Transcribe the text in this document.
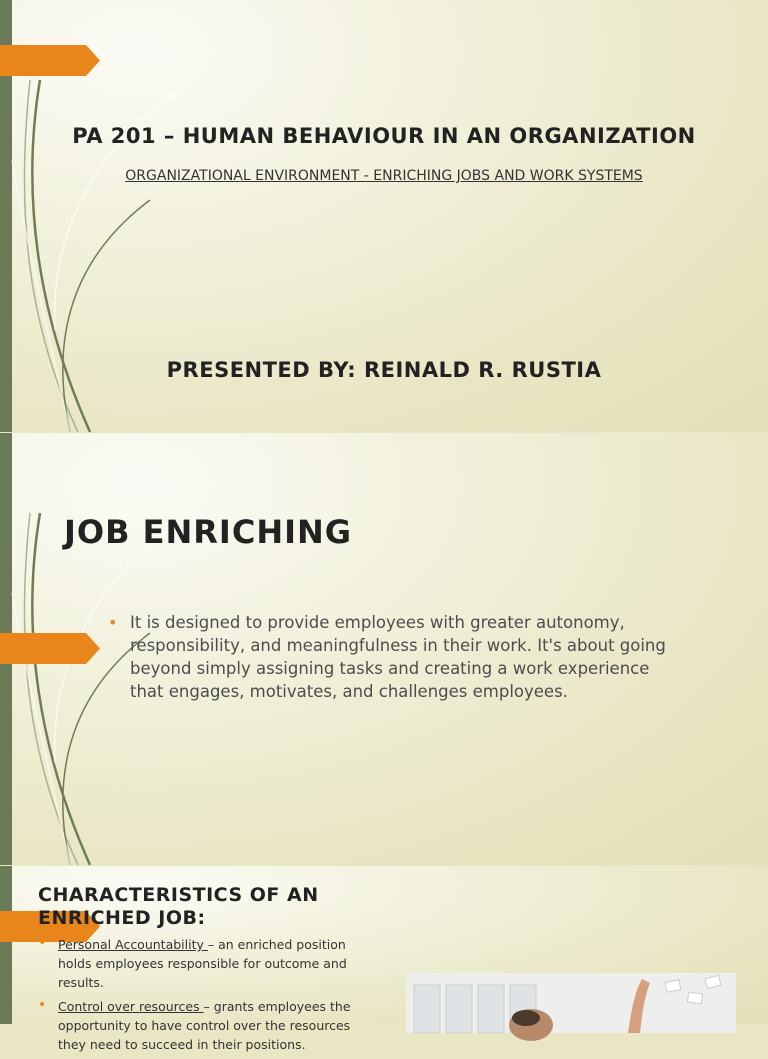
PA 201 – HUMAN BEHAVIOUR IN AN ORGANIZATION
ORGANIZATIONAL ENVIRONMENT - ENRICHING JOBS AND WORK SYSTEMS
PRESENTED BY: REINALD R. RUSTIA
JOB ENRICHING
• It is designed to provide employees with greater autonomy, responsibility, and meaningfulness in their work. It's about going beyond simply assigning tasks and creating a work experience that engages, motivates, and challenges employees.
CHARACTERISTICS OF AN ENRICHED JOB:
• Personal Accountability – an enriched position holds employees responsible for outcome and results.
• Control over resources – grants employees the opportunity to have control over the resources they need to succeed in their positions.
